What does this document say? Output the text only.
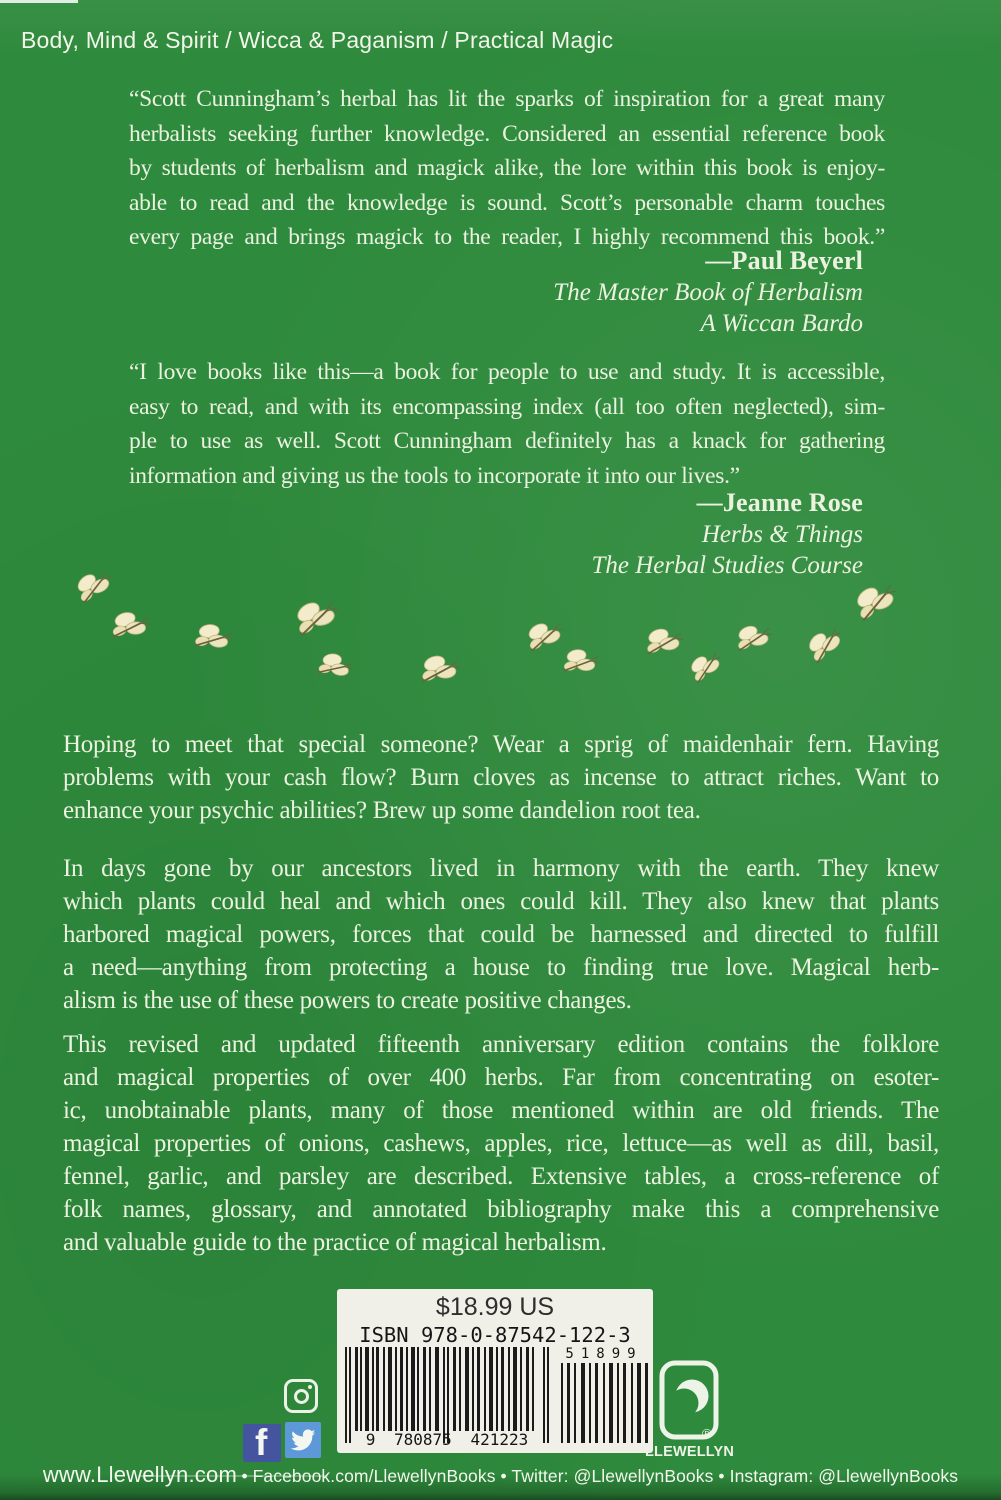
Body, Mind & Spirit / Wicca & Paganism / Practical Magic
“Scott Cunningham’s herbal has lit the sparks of inspiration for a great many
herbalists seeking further knowledge. Considered an essential reference book
by students of herbalism and magick alike, the lore within this book is enjoy-
able to read and the knowledge is sound. Scott’s personable charm touches
every page and brings magick to the reader, I highly recommend this book.”
—Paul Beyerl
The Master Book of Herbalism
A Wiccan Bardo
“I love books like this—a book for people to use and study. It is accessible,
easy to read, and with its encompassing index (all too often neglected), sim-
ple to use as well. Scott Cunningham definitely has a knack for gathering
information and giving us the tools to incorporate it into our lives.”
—Jeanne Rose
Herbs & Things
The Herbal Studies Course
Hoping to meet that special someone? Wear a sprig of maidenhair fern. Having
problems with your cash flow? Burn cloves as incense to attract riches. Want to
enhance your psychic abilities? Brew up some dandelion root tea.
In days gone by our ancestors lived in harmony with the earth. They knew
which plants could heal and which ones could kill. They also knew that plants
harbored magical powers, forces that could be harnessed and directed to fulfill
a need—anything from protecting a house to finding true love. Magical herb-
alism is the use of these powers to create positive changes.
This revised and updated fifteenth anniversary edition contains the folklore
and magical properties of over 400 herbs. Far from concentrating on esoter-
ic, unobtainable plants, many of those mentioned within are old friends. The
magical properties of onions, cashews, apples, rice, lettuce—as well as dill, basil,
fennel, garlic, and parsley are described. Extensive tables, a cross-reference of
folk names, glossary, and annotated bibliography make this a comprehensive
and valuable guide to the practice of magical herbalism.
$18.99 US
ISBN 978-0-87542-122-3
9 780875 421223
51899
f	®
LLEWELLYN
www.Llewellyn.com • Facebook.com/LlewellynBooks • Twitter: @LlewellynBooks • Instagram: @LlewellynBooks
